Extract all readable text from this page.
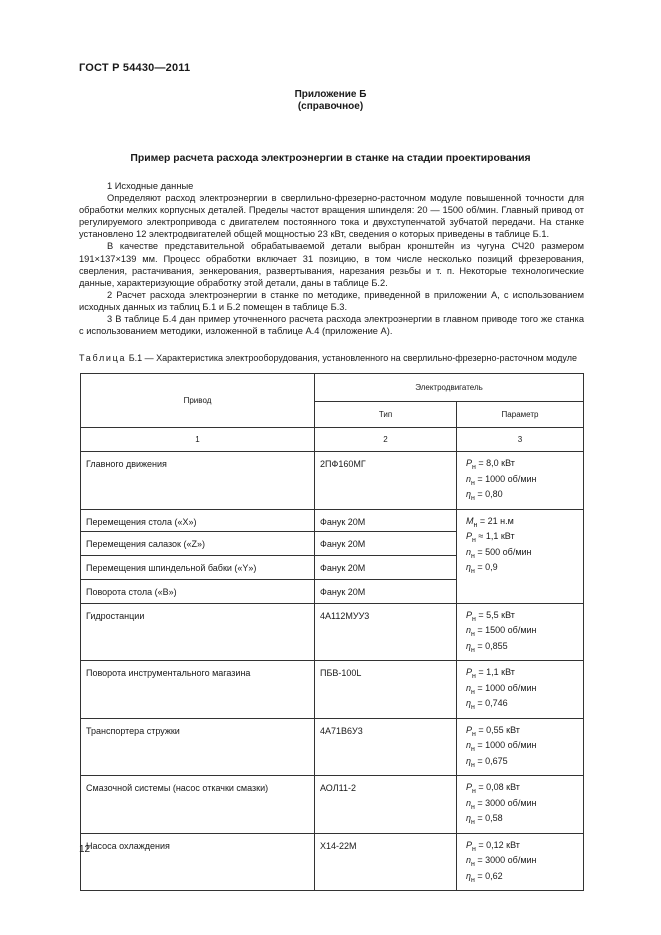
ГОСТ Р 54430—2011
Приложение Б
(справочное)
Пример расчета расхода электроэнергии в станке на стадии проектирования

1 Исходные данные

Определяют расход электроэнергии в сверлильно-фрезерно-расточном модуле повышенной точности для обработки мелких корпусных деталей. Пределы частот вращения шпинделя: 20 — 1500 об/мин. Главный привод от регулируемого электропривода с двигателем постоянного тока и двухступенчатой зубчатой передачи. На станке установлено 12 электродвигателей общей мощностью 23 кВт, сведения о которых приведены в таблице Б.1.

В качестве представительной обрабатываемой детали выбран кронштейн из чугуна СЧ20 размером 191×137×139 мм. Процесс обработки включает 31 позицию, в том числе несколько позиций фрезерования, сверления, растачивания, зенкерования, развертывания, нарезания резьбы и т. п. Некоторые технологические данные, характеризующие обработку этой детали, даны в таблице Б.2.

2 Расчет расхода электроэнергии в станке по методике, приведенной в приложении А, с использованием исходных данных из таблиц Б.1 и Б.2 помещен в таблице Б.3.

3 В таблице Б.4 дан пример уточненного расчета расхода электроэнергии в главном приводе того же станка с использованием методики, изложенной в таблице А.4 (приложение А).

Таблица Б.1 — Характеристика электрооборудования, установленного на сверлильно-фрезерно-расточном модуле
Привод	Электродвигатель	
	Тип	Параметр
1	2	3
Главного движения	2ПФ160МГ	$P_н = 8,0$ кВт
$n_н = 1000$ об/мин
$\eta_н = 0,80$

Перемещения стола («X»)	Фанук 20М	$M_н = 21$ н.м
$P_н \approx 1,1$ кВт
$n_н = 500$ об/мин
$\eta_н = 0,9$

Перемещения салазок («Z»)	Фанук 20М	
Перемещения шпиндельной бабки («Y»)	Фанук 20М	
Поворота стола («В»)	Фанук 20М	
Гидростанции	4А112МУУ3	$P_н = 5,5$ кВт
$n_н = 1500$ об/мин
$\eta_н = 0,855$

Поворота инструментального магазина	ПБВ-100L	$P_н = 1,1$ кВт
$n_н = 1000$ об/мин
$\eta_н = 0,746$

Транспортера стружки	4А71В6У3	$P_н = 0,55$ кВт
$n_н = 1000$ об/мин
$\eta_н = 0,675$

Смазочной системы (насос откачки смазки)	АОЛ11-2	$P_н = 0,08$ кВт
$n_н = 3000$ об/мин
$\eta_н = 0,58$

Насоса охлаждения	Х14-22М	$P_н = 0,12$ кВт
$n_н = 3000$ об/мин
$\eta_н = 0,62$
12
